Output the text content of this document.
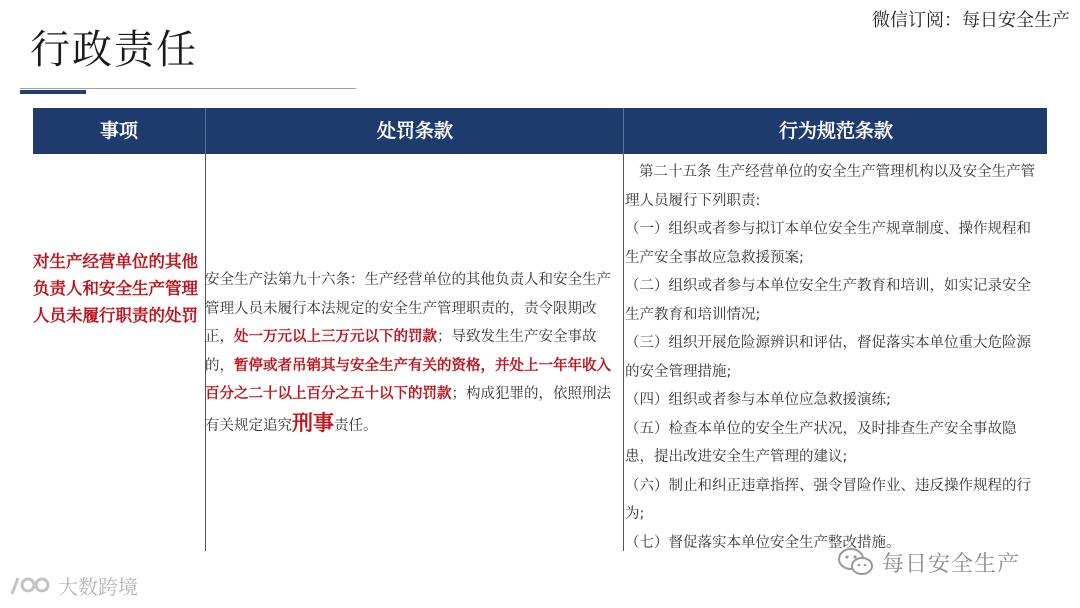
行政责任
微信订阅：每日安全生产
事项	处罚条款	行为规范条款
对生产经营单位的其他负责人和安全生产管理人员未履行职责的处罚
安全生产法第九十六条：生产经营单位的其他负责人和安全生产管理人员未履行本法规定的安全生产管理职责的，责令限期改正，处一万元以上三万元以下的罚款；导致发生生产安全事故的，暂停或者吊销其与安全生产有关的资格，并处上一年年收入百分之二十以上百分之五十以下的罚款；构成犯罪的，依照刑法有关规定追究刑事责任。

第二十五条 生产经营单位的安全生产管理机构以及安全生产管理人员履行下列职责:

（一）组织或者参与拟订本单位安全生产规章制度、操作规程和生产安全事故应急救援预案;

（二）组织或者参与本单位安全生产教育和培训，如实记录安全生产教育和培训情况;

（三）组织开展危险源辨识和评估，督促落实本单位重大危险源的安全管理措施;

（四）组织或者参与本单位应急救援演练;

（五）检查本单位的安全生产状况，及时排查生产安全事故隐患，提出改进安全生产管理的建议;

（六）制止和纠正违章指挥、强令冒险作业、违反操作规程的行为;

（七）督促落实本单位安全生产整改措施。

每日安全生产
大数跨境
